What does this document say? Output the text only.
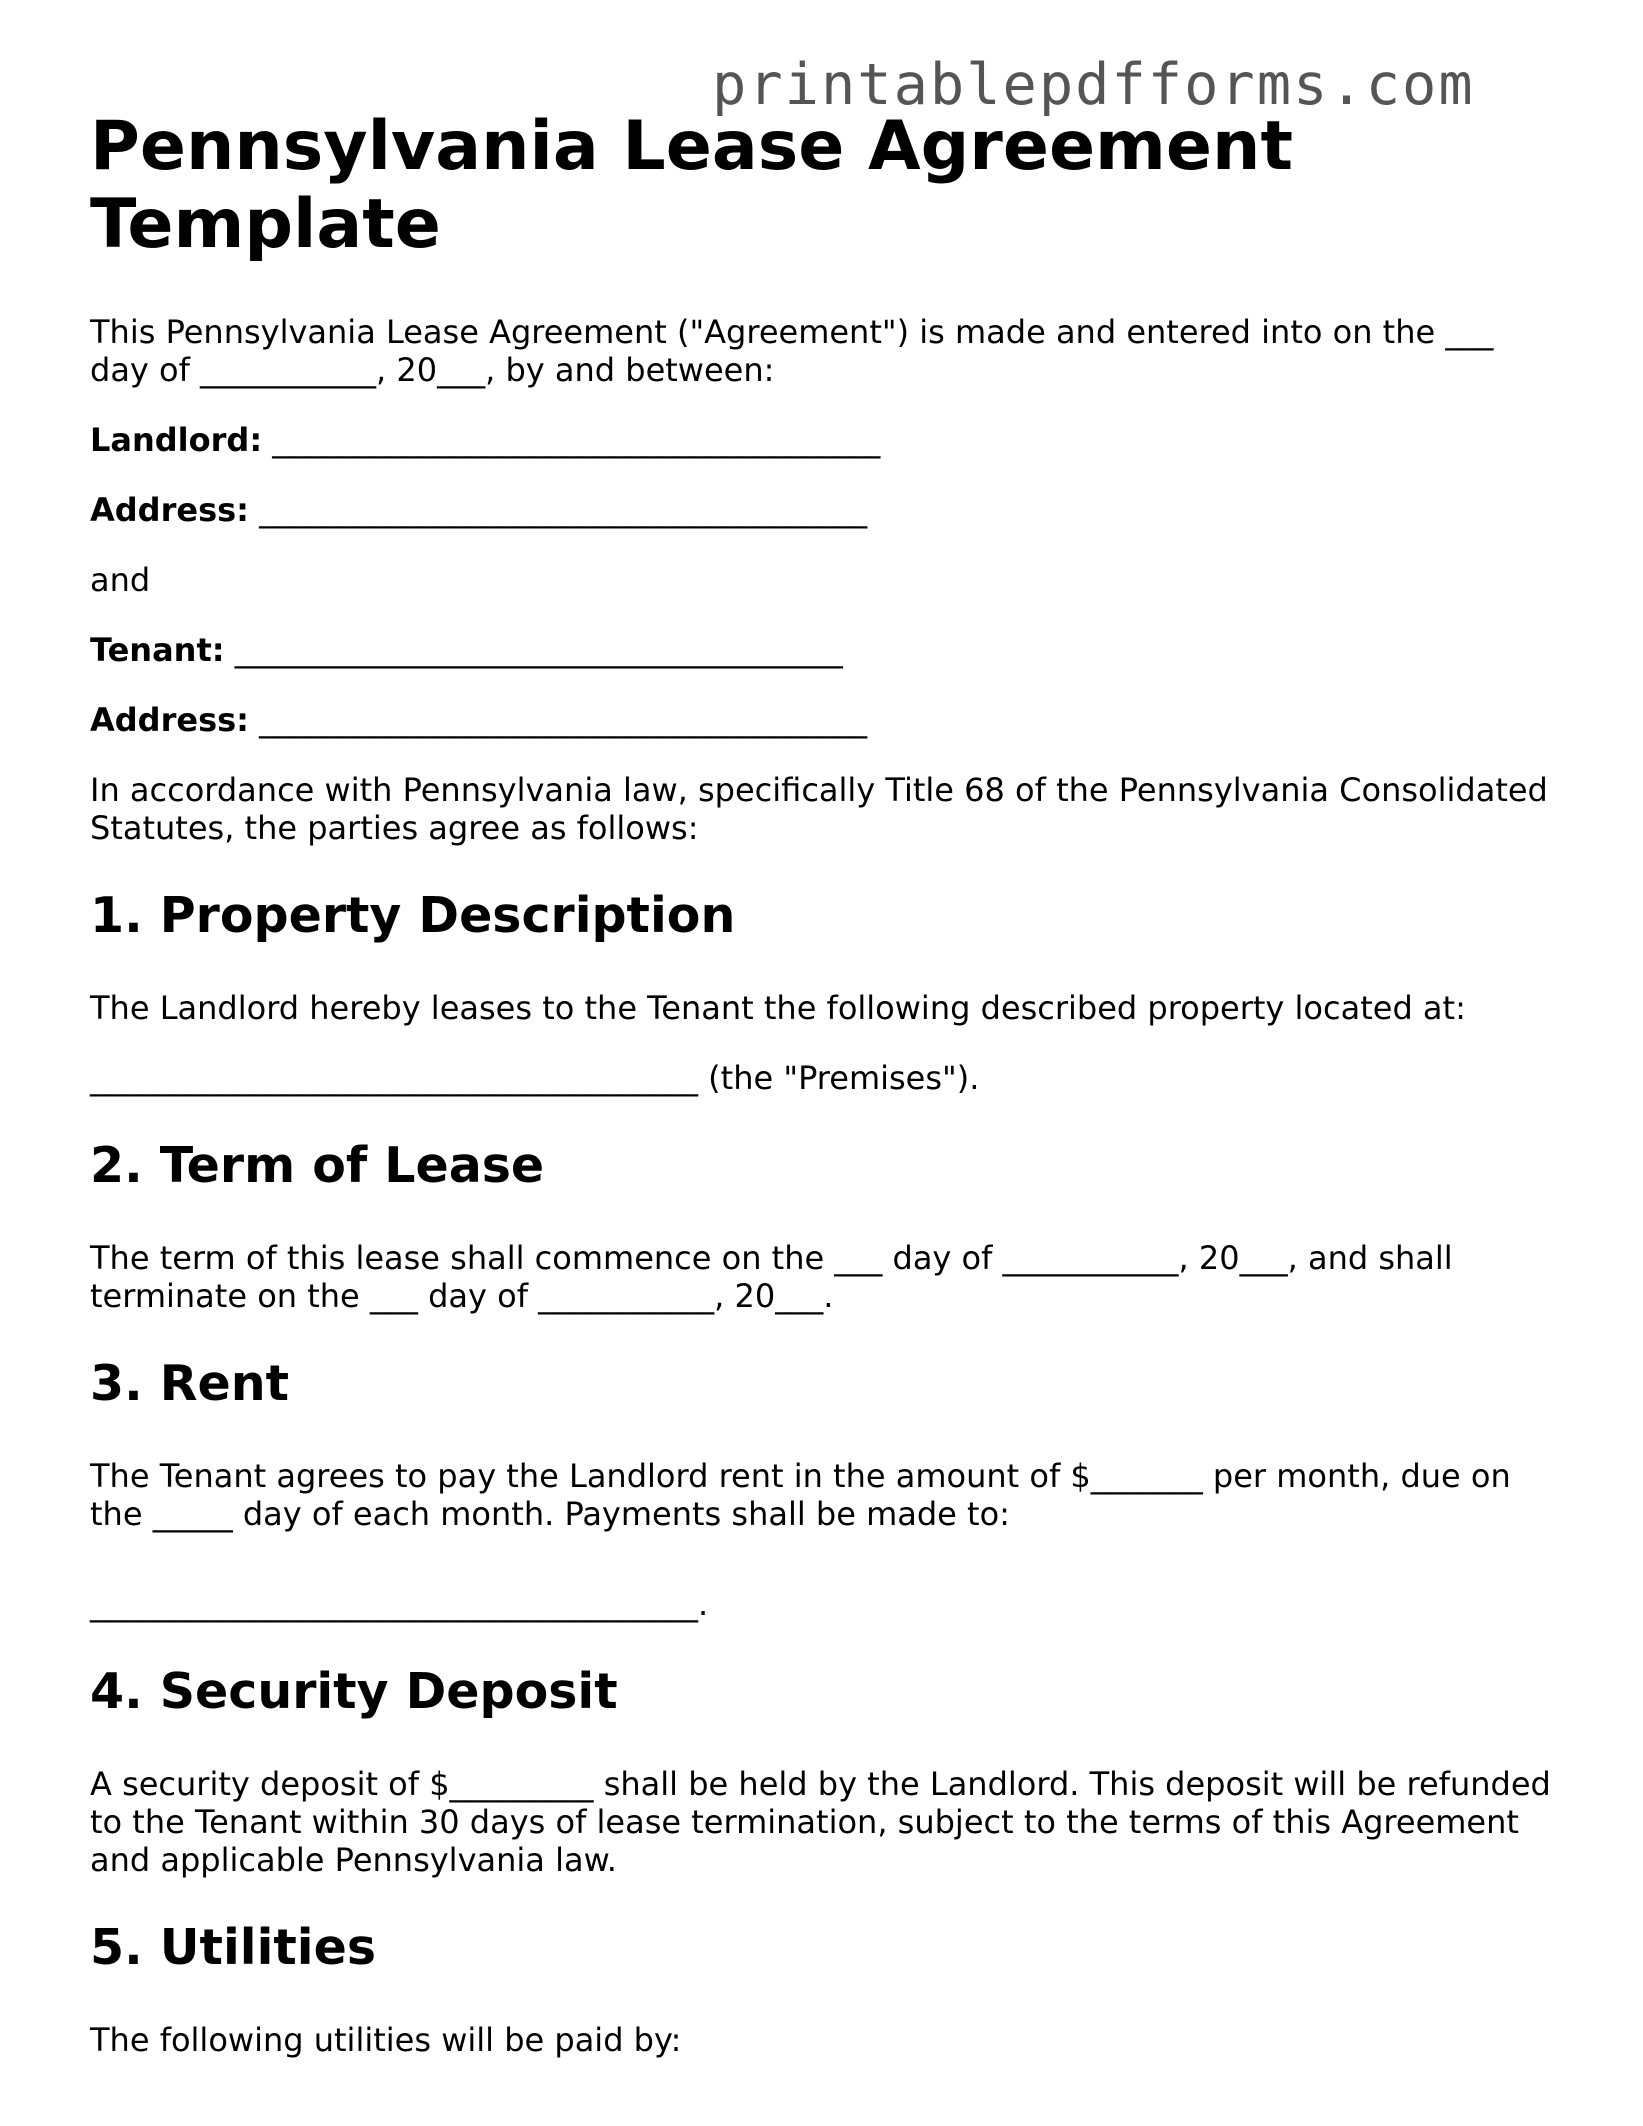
printablepdfforms.com
Pennsylvania Lease Agreement Template

This Pennsylvania Lease Agreement ("Agreement") is made and entered into on the ___ day of ___________, 20___, by and between:

Landlord: ______________________________________

Address: ______________________________________

and

Tenant: ______________________________________

Address: ______________________________________

In accordance with Pennsylvania law, specifically Title 68 of the Pennsylvania Consolidated Statutes, the parties agree as follows:

1. Property Description

The Landlord hereby leases to the Tenant the following described property located at:

______________________________________ (the "Premises").

2. Term of Lease

The term of this lease shall commence on the ___ day of ___________, 20___, and shall terminate on the ___ day of ___________, 20___.

3. Rent

The Tenant agrees to pay the Landlord rent in the amount of $_______ per month, due on the _____ day of each month. Payments shall be made to:

______________________________________.

4. Security Deposit

A security deposit of $_________ shall be held by the Landlord. This deposit will be refunded to the Tenant within 30 days of lease termination, subject to the terms of this Agreement and applicable Pennsylvania law.

5. Utilities

The following utilities will be paid by:
